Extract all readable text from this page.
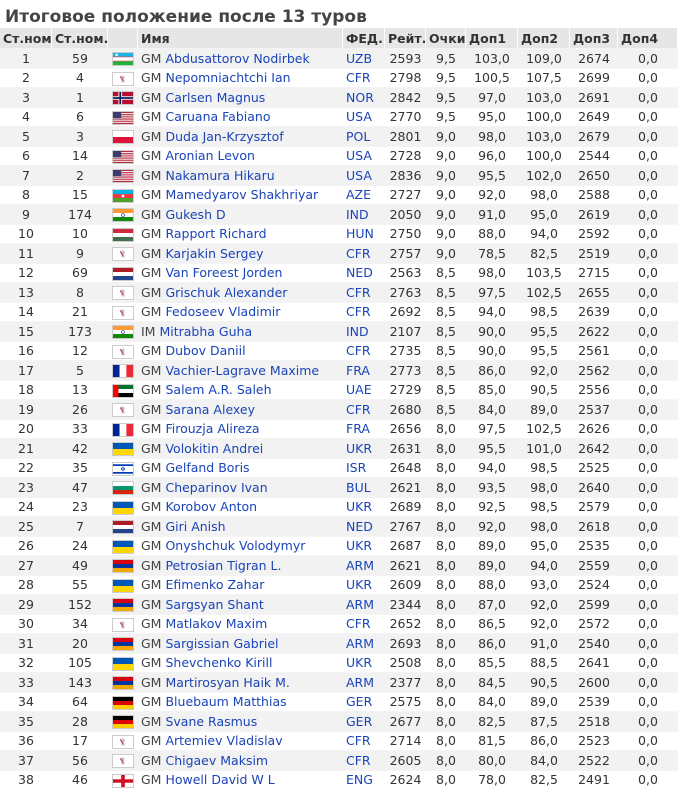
Итоговое положение после 13 туров
Ст.ном	Ст.ном.		Имя	ФЕД.	Рейт.	Очки	Доп1	Доп2	Доп3	Доп4
1	59		GM Abdusattorov Nodirbek	UZB	2593	9,5	103,0	109,0	2674	0,0
2	4		GM Nepomniachtchi Ian	CFR	2798	9,5	100,5	107,5	2699	0,0
3	1		GM Carlsen Magnus	NOR	2842	9,5	97,0	103,0	2691	0,0
4	6		GM Caruana Fabiano	USA	2770	9,5	95,0	100,0	2649	0,0
5	3		GM Duda Jan-Krzysztof	POL	2801	9,0	98,0	103,0	2679	0,0
6	14		GM Aronian Levon	USA	2728	9,0	96,0	100,0	2544	0,0
7	2		GM Nakamura Hikaru	USA	2836	9,0	95,5	102,0	2650	0,0
8	15		GM Mamedyarov Shakhriyar	AZE	2727	9,0	92,0	98,0	2588	0,0
9	174		GM Gukesh D	IND	2050	9,0	91,0	95,0	2619	0,0
10	10		GM Rapport Richard	HUN	2750	9,0	88,0	94,0	2592	0,0
11	9		GM Karjakin Sergey	CFR	2757	9,0	78,5	82,5	2519	0,0
12	69		GM Van Foreest Jorden	NED	2563	8,5	98,0	103,5	2715	0,0
13	8		GM Grischuk Alexander	CFR	2763	8,5	97,5	102,5	2655	0,0
14	21		GM Fedoseev Vladimir	CFR	2692	8,5	94,0	98,5	2639	0,0
15	173		IM Mitrabha Guha	IND	2107	8,5	90,0	95,5	2622	0,0
16	12		GM Dubov Daniil	CFR	2735	8,5	90,0	95,5	2561	0,0
17	5		GM Vachier-Lagrave Maxime	FRA	2773	8,5	86,0	92,0	2562	0,0
18	13		GM Salem A.R. Saleh	UAE	2729	8,5	85,0	90,5	2556	0,0
19	26		GM Sarana Alexey	CFR	2680	8,5	84,0	89,0	2537	0,0
20	33		GM Firouzja Alireza	FRA	2656	8,0	97,5	102,5	2626	0,0
21	42		GM Volokitin Andrei	UKR	2631	8,0	95,5	101,0	2642	0,0
22	35		GM Gelfand Boris	ISR	2648	8,0	94,0	98,5	2525	0,0
23	47		GM Cheparinov Ivan	BUL	2621	8,0	93,5	98,0	2640	0,0
24	23		GM Korobov Anton	UKR	2689	8,0	92,5	98,5	2579	0,0
25	7		GM Giri Anish	NED	2767	8,0	92,0	98,0	2618	0,0
26	24		GM Onyshchuk Volodymyr	UKR	2687	8,0	89,0	95,0	2535	0,0
27	49		GM Petrosian Tigran L.	ARM	2621	8,0	89,0	94,0	2559	0,0
28	55		GM Efimenko Zahar	UKR	2609	8,0	88,0	93,0	2524	0,0
29	152		GM Sargsyan Shant	ARM	2344	8,0	87,0	92,0	2599	0,0
30	34		GM Matlakov Maxim	CFR	2652	8,0	86,5	92,0	2572	0,0
31	20		GM Sargissian Gabriel	ARM	2693	8,0	86,0	91,0	2540	0,0
32	105		GM Shevchenko Kirill	UKR	2508	8,0	85,5	88,5	2641	0,0
33	143		GM Martirosyan Haik M.	ARM	2377	8,0	84,5	90,5	2600	0,0
34	64		GM Bluebaum Matthias	GER	2575	8,0	84,0	89,0	2539	0,0
35	28		GM Svane Rasmus	GER	2677	8,0	82,5	87,5	2518	0,0
36	17		GM Artemiev Vladislav	CFR	2714	8,0	81,5	86,0	2523	0,0
37	56		GM Chigaev Maksim	CFR	2605	8,0	80,0	84,0	2522	0,0
38	46		GM Howell David W L	ENG	2624	8,0	78,0	82,5	2491	0,0
